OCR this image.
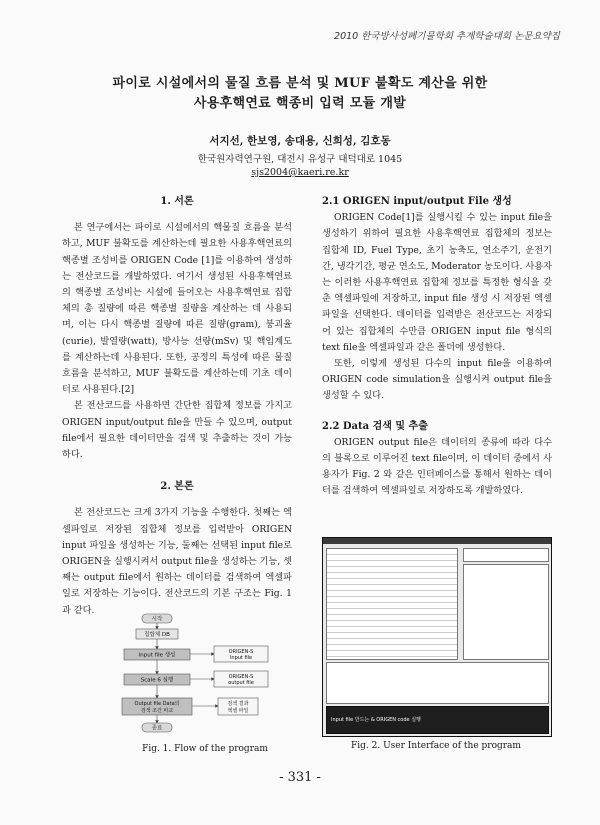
2010 한국방사성폐기물학회 추계학술대회 논문요약집
파이로 시설에서의 물질 흐름 분석 및 MUF 불확도 계산을 위한
사용후핵연료 핵종비 입력 모듈 개발
서지선, 한보영, 송대용, 신희성, 김호동
한국원자력연구원, 대전시 유성구 대덕대로 1045
sjs2004@kaeri.re.kr
1. 서론

본 연구에서는 파이로 시설에서의 핵물질 흐름을 분석하고, MUF 불확도를 계산하는데 필요한 사용후핵연료의 핵종별 조성비를 ORIGEN Code [1]를 이용하여 생성하는 전산코드를 개발하였다. 여기서 생성된 사용후핵연료의 핵종별 조성비는 시설에 들어오는 사용후핵연료 집합체의 총 질량에 따른 핵종별 질량을 계산하는 데 사용되며, 이는 다시 핵종별 질량에 따른 질량(gram), 붕괴율(curie), 발열량(watt), 방사능 선량(mSv) 및 핵임계도를 계산하는데 사용된다. 또한, 공정의 특성에 따른 물질 흐름을 분석하고, MUF 불확도를 계산하는데 기초 데이터로 사용된다.[2]

본 전산코드를 사용하면 간단한 집합체 정보를 가지고 ORIGEN input/output file을 만들 수 있으며, output file에서 필요한 데이터만을 검색 및 추출하는 것이 가능하다.

2. 본론

본 전산코드는 크게 3가지 기능을 수행한다. 첫째는 엑셀파일로 저장된 집합체 정보를 입력받아 ORIGEN input 파일을 생성하는 기능, 둘째는 선택된 input file로 ORIGEN을 실행시켜서 output file을 생성하는 기능, 셋째는 output file에서 원하는 데이터를 검색하여 엑셀파일로 저장하는 기능이다. 전산코드의 기본 구조는 Fig. 1 과 같다.

2.1 ORIGEN input/output File 생성

ORIGEN Code[1]를 실행시킬 수 있는 input file을 생성하기 위하여 필요한 사용후핵연료 집합체의 정보는 집합체 ID, Fuel Type, 초기 농축도, 연소주기, 운전기간, 냉각기간, 평균 연소도, Moderator 농도이다. 사용자는 이러한 사용후핵연료 집합체 정보를 특정한 형식을 갖춘 엑셀파일에 저장하고, input file 생성 시 저장된 엑셀파일을 선택한다. 데이터를 입력받은 전산코드는 저장되어 있는 집합체의 수만큼 ORIGEN input file 형식의 text file을 엑셀파일과 같은 폴더에 생성한다.

또한, 이렇게 생성된 다수의 input file을 이용하여 ORIGEN code simulation을 실행시켜 output file을 생성할 수 있다.

2.2 Data 검색 및 추출

ORIGEN output file은 데이터의 종류에 따라 다수의 블록으로 이루어진 text file이며, 이 데이터 중에서 사용자가 Fig. 2 와 같은 인터페이스를 통해서 원하는 데이터를 검색하여 엑셀파일로 저장하도록 개발하였다.

시작
집합체 DB
Input file 생성
ORIGEN-S
Input file
Scale 6 실행
ORIGEN-S
output file
Output file Data의
검색 조건 비교
검색 결과
엑셀 파일
종료
Fig. 1. Flow of the program
Input file 만드는 & ORIGEN code 실행
Fig. 2. User Interface of the program
- 331 -
